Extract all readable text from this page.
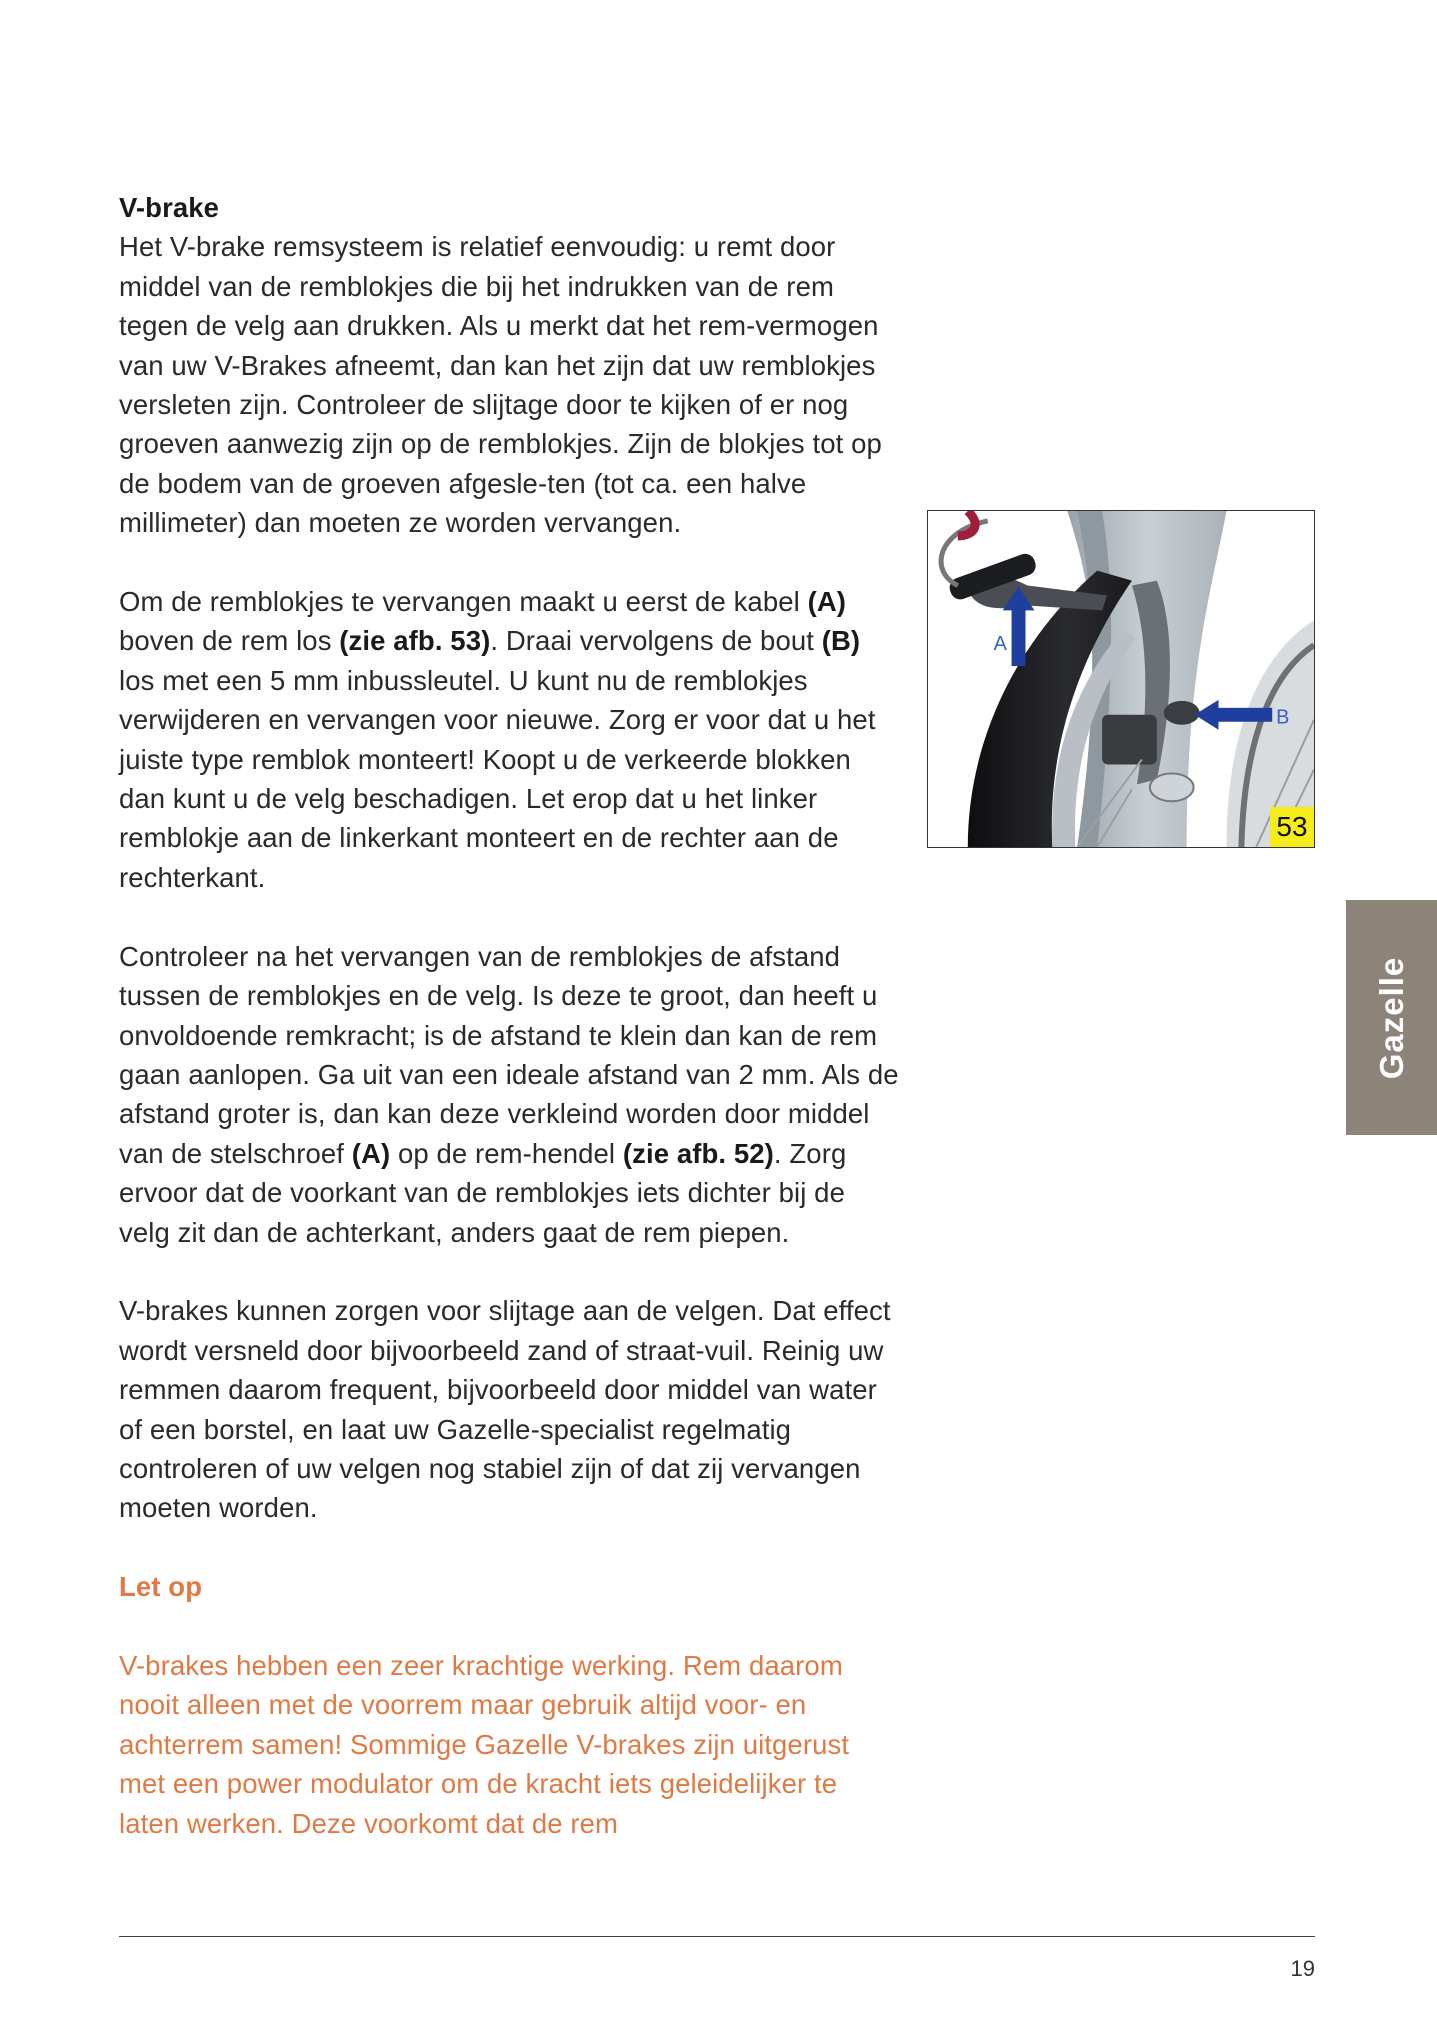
V-brake

Het V-brake remsysteem is relatief eenvoudig: u remt door middel van de remblokjes die bij het indrukken van de rem tegen de velg aan drukken. Als u merkt dat het rem-vermogen van uw V-Brakes afneemt, dan kan het zijn dat uw remblokjes versleten zijn. Controleer de slijtage door te kijken of er nog groeven aanwezig zijn op de remblokjes. Zijn de blokjes tot op de bodem van de groeven afgesle-ten (tot ca. een halve millimeter) dan moeten ze worden vervangen.

Om de remblokjes te vervangen maakt u eerst de kabel (A) boven de rem los (zie afb. 53). Draai vervolgens de bout (B) los met een 5 mm inbussleutel. U kunt nu de remblokjes verwijderen en vervangen voor nieuwe. Zorg er voor dat u het juiste type remblok monteert! Koopt u de verkeerde blokken dan kunt u de velg beschadigen. Let erop dat u het linker remblokje aan de linkerkant monteert en de rechter aan de rechterkant.

Controleer na het vervangen van de remblokjes de afstand tussen de remblokjes en de velg. Is deze te groot, dan heeft u onvoldoende remkracht; is de afstand te klein dan kan de rem gaan aanlopen. Ga uit van een ideale afstand van 2 mm. Als de afstand groter is, dan kan deze verkleind worden door middel van de stelschroef (A) op de rem-hendel (zie afb. 52). Zorg ervoor dat de voorkant van de remblokjes iets dichter bij de velg zit dan de achterkant, anders gaat de rem piepen.

V-brakes kunnen zorgen voor slijtage aan de velgen. Dat effect wordt versneld door bijvoorbeeld zand of straat-vuil. Reinig uw remmen daarom frequent, bijvoorbeeld door middel van water of een borstel, en laat uw Gazelle-specialist regelmatig controleren of uw velgen nog stabiel zijn of dat zij vervangen moeten worden.

Let op

V-brakes hebben een zeer krachtige werking. Rem daarom nooit alleen met de voorrem maar gebruik altijd voor- en achterrem samen! Sommige Gazelle V-brakes zijn uitgerust met een power modulator om de kracht iets geleidelijker te laten werken. Deze voorkomt dat de rem

A
B
53
Gazelle
19
